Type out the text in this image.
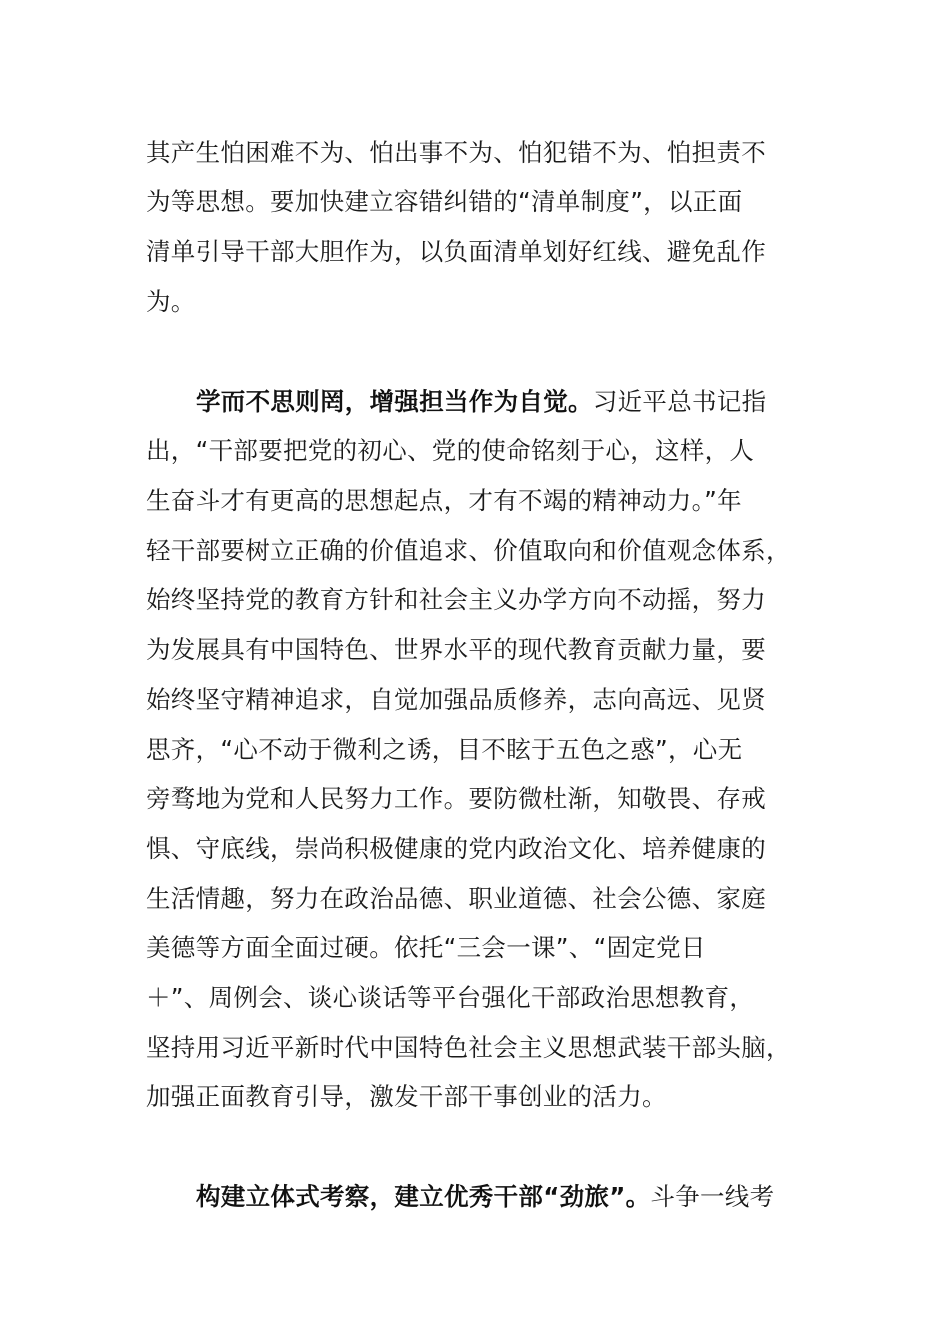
其产生怕困难不为、怕出事不为、怕犯错不为、怕担责不
为等思想。要加快建立容错纠错的“清单制度”，以正面
清单引导干部大胆作为，以负面清单划好红线、避免乱作
为。
学而不思则罔，增强担当作为自觉。习近平总书记指
出，“干部要把党的初心、党的使命铭刻于心，这样，人
生奋斗才有更高的思想起点，才有不竭的精神动力。”年
轻干部要树立正确的价值追求、价值取向和价值观念体系，
始终坚持党的教育方针和社会主义办学方向不动摇，努力
为发展具有中国特色、世界水平的现代教育贡献力量，要
始终坚守精神追求，自觉加强品质修养，志向高远、见贤
思齐，“心不动于微利之诱，目不眩于五色之惑”，心无
旁骛地为党和人民努力工作。要防微杜渐，知敬畏、存戒
惧、守底线，崇尚积极健康的党内政治文化、培养健康的
生活情趣，努力在政治品德、职业道德、社会公德、家庭
美德等方面全面过硬。依托“三会一课”、“固定党日
＋”、周例会、谈心谈话等平台强化干部政治思想教育，
坚持用习近平新时代中国特色社会主义思想武装干部头脑，
加强正面教育引导，激发干部干事创业的活力。
构建立体式考察，建立优秀干部“劲旅”。斗争一线考
